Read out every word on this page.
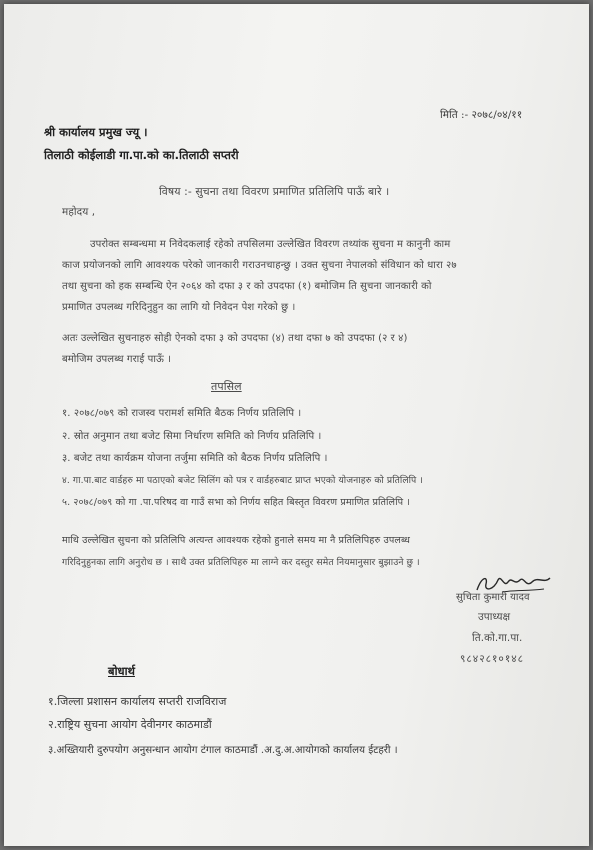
मिति :- २०७८/०४/११
श्री कार्यालय प्रमुख ज्यू ।
तिलाठी कोईलाडी गा.पा.को का.तिलाठी सप्तरी
विषय :- सुचना तथा विवरण प्रमाणित प्रतिलिपि पाऊँ बारे ।
महोदय ,
उपरोक्त सम्बन्धमा म निवेदकलाई रहेको तपसिलमा उल्लेखित विवरण तथ्यांक सुचना म कानुनी काम
काज प्रयोजनको लागि आवश्यक परेको जानकारी गराउनचाहन्छु । उक्त सुचना नेपालको संविधान को धारा २७
तथा सुचना को हक सम्बन्धि ऐन २०६४ को दफा ३ र को उपदफा (१) बमोजिम ति सुचना जानकारी को
प्रमाणित उपलब्ध गरिदिनुहुन का लागि यो निवेदन पेश गरेको छु ।
अतः उल्लेखित सुचनाहरु सोही ऐनको दफा ३ को उपदफा (४) तथा दफा ७ को उपदफा (२ र ४)
बमोजिम उपलब्ध गराई पाऊँ ।
तपसिल
१. २०७८/०७९ को राजस्व परामर्श समिति बैठक निर्णय प्रतिलिपि ।
२. स्रोत अनुमान तथा बजेट सिमा निर्धारण समिति को निर्णय प्रतिलिपि ।
३. बजेट तथा कार्यक्रम योजना तर्जुमा समिति को बैठक निर्णय प्रतिलिपि ।
४. गा.पा.बाट वार्डहरु मा पठाएको बजेट सिलिंग को पत्र र वार्डहरुबाट प्राप्त भएको योजनाहरु को प्रतिलिपि ।
५. २०७८/०७९ को गा .पा.परिषद वा गाउँ सभा को निर्णय सहित बिस्तृत विवरण प्रमाणित प्रतिलिपि ।
माथि उल्लेखित सुचना को प्रतिलिपि अत्यन्त आवश्यक रहेको हुनाले समय मा नै प्रतिलिपिहरु उपलब्ध
गरिदिनुहुनका लागि अनुरोध छ । साथै उक्त प्रतिलिपिहरु मा लाग्ने कर दस्तुर समेत नियमानुसार बुझाउने छु ।
सुचिता कुमारी यादव
उपाध्यक्ष
ति.को.गा.पा.
९८४२८१०१४८
बोधार्थ
१.जिल्ला प्रशासन कार्यालय सप्तरी राजविराज
२.राष्ट्रिय सुचना आयोग देवीनगर काठमाडौं
३.अख्तियारी दुरुपयोग अनुसन्धान आयोग टंगाल काठमाडौं .अ.दु.अ.आयोगको कार्यालय ईटहरी ।
